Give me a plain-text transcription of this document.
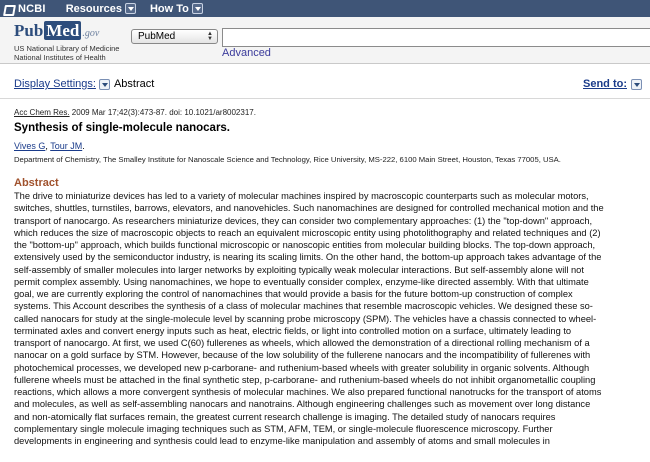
NCBI Resources	How To
Pub Med .gov
US National Library of Medicine
National Institutes of Health
PubMed	▲
▼
Advanced
Display Settings: Abstract	Send to:
Acc Chem Res. 2009 Mar 17;42(3):473-87. doi: 10.1021/ar8002317.
Synthesis of single-molecule nanocars.
Vives G, Tour JM.
Department of Chemistry, The Smalley Institute for Nanoscale Science and Technology, Rice University, MS-222, 6100 Main Street, Houston, Texas 77005, USA.
Abstract
The drive to miniaturize devices has led to a variety of molecular machines inspired by macroscopic counterparts such as molecular motors,
switches, shuttles, turnstiles, barrows, elevators, and nanovehicles. Such nanomachines are designed for controlled mechanical motion and the
transport of nanocargo. As researchers miniaturize devices, they can consider two complementary approaches: (1) the "top-down" approach,
which reduces the size of macroscopic objects to reach an equivalent microscopic entity using photolithography and related techniques and (2)
the "bottom-up" approach, which builds functional microscopic or nanoscopic entities from molecular building blocks. The top-down approach,
extensively used by the semiconductor industry, is nearing its scaling limits. On the other hand, the bottom-up approach takes advantage of the
self-assembly of smaller molecules into larger networks by exploiting typically weak molecular interactions. But self-assembly alone will not
permit complex assembly. Using nanomachines, we hope to eventually consider complex, enzyme-like directed assembly. With that ultimate
goal, we are currently exploring the control of nanomachines that would provide a basis for the future bottom-up construction of complex
systems. This Account describes the synthesis of a class of molecular machines that resemble macroscopic vehicles. We designed these so-
called nanocars for study at the single-molecule level by scanning probe microscopy (SPM). The vehicles have a chassis connected to wheel-
terminated axles and convert energy inputs such as heat, electric fields, or light into controlled motion on a surface, ultimately leading to
transport of nanocargo. At first, we used C(60) fullerenes as wheels, which allowed the demonstration of a directional rolling mechanism of a
nanocar on a gold surface by STM. However, because of the low solubility of the fullerene nanocars and the incompatibility of fullerenes with
photochemical processes, we developed new p-carborane- and ruthenium-based wheels with greater solubility in organic solvents. Although
fullerene wheels must be attached in the final synthetic step, p-carborane- and ruthenium-based wheels do not inhibit organometallic coupling
reactions, which allows a more convergent synthesis of molecular machines. We also prepared functional nanotrucks for the transport of atoms
and molecules, as well as self-assembling nanocars and nanotrains. Although engineering challenges such as movement over long distance
and non-atomically flat surfaces remain, the greatest current research challenge is imaging. The detailed study of nanocars requires
complementary single molecule imaging techniques such as STM, AFM, TEM, or single-molecule fluorescence microscopy. Further
developments in engineering and synthesis could lead to enzyme-like manipulation and assembly of atoms and small molecules in
